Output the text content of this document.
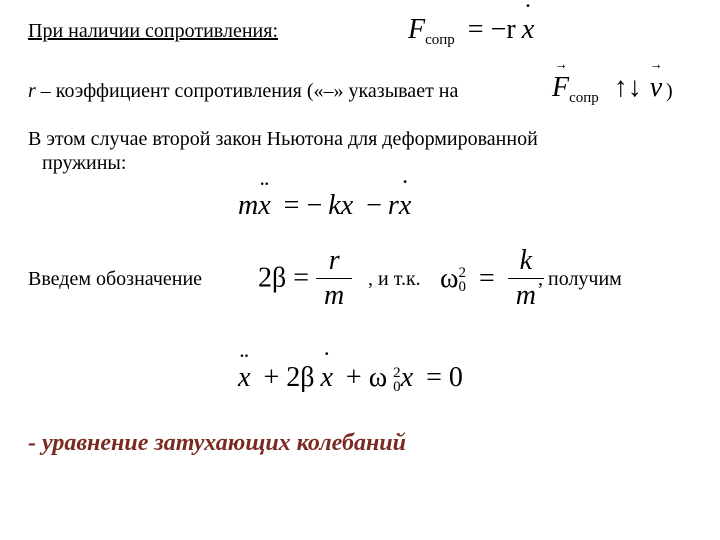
При наличии сопротивления:	$F_{сопр} = -r$ x ˙
r – коэффициент сопротивления («–» указывает на	→ $F_{сопр}$ ↑↓ → v )
В этом случае второй закон Ньютона для деформированной
пружины:
mx ¨ = − kx − rx ˙
Введем обозначение $2\beta = \frac{r}{m}$ , и т.к. ω 2
$0 = \frac{k}{m}$
, получим
x ¨ + 2β x ˙ + ω 2
0 x = 0
- уравнение затухающих колебаний
